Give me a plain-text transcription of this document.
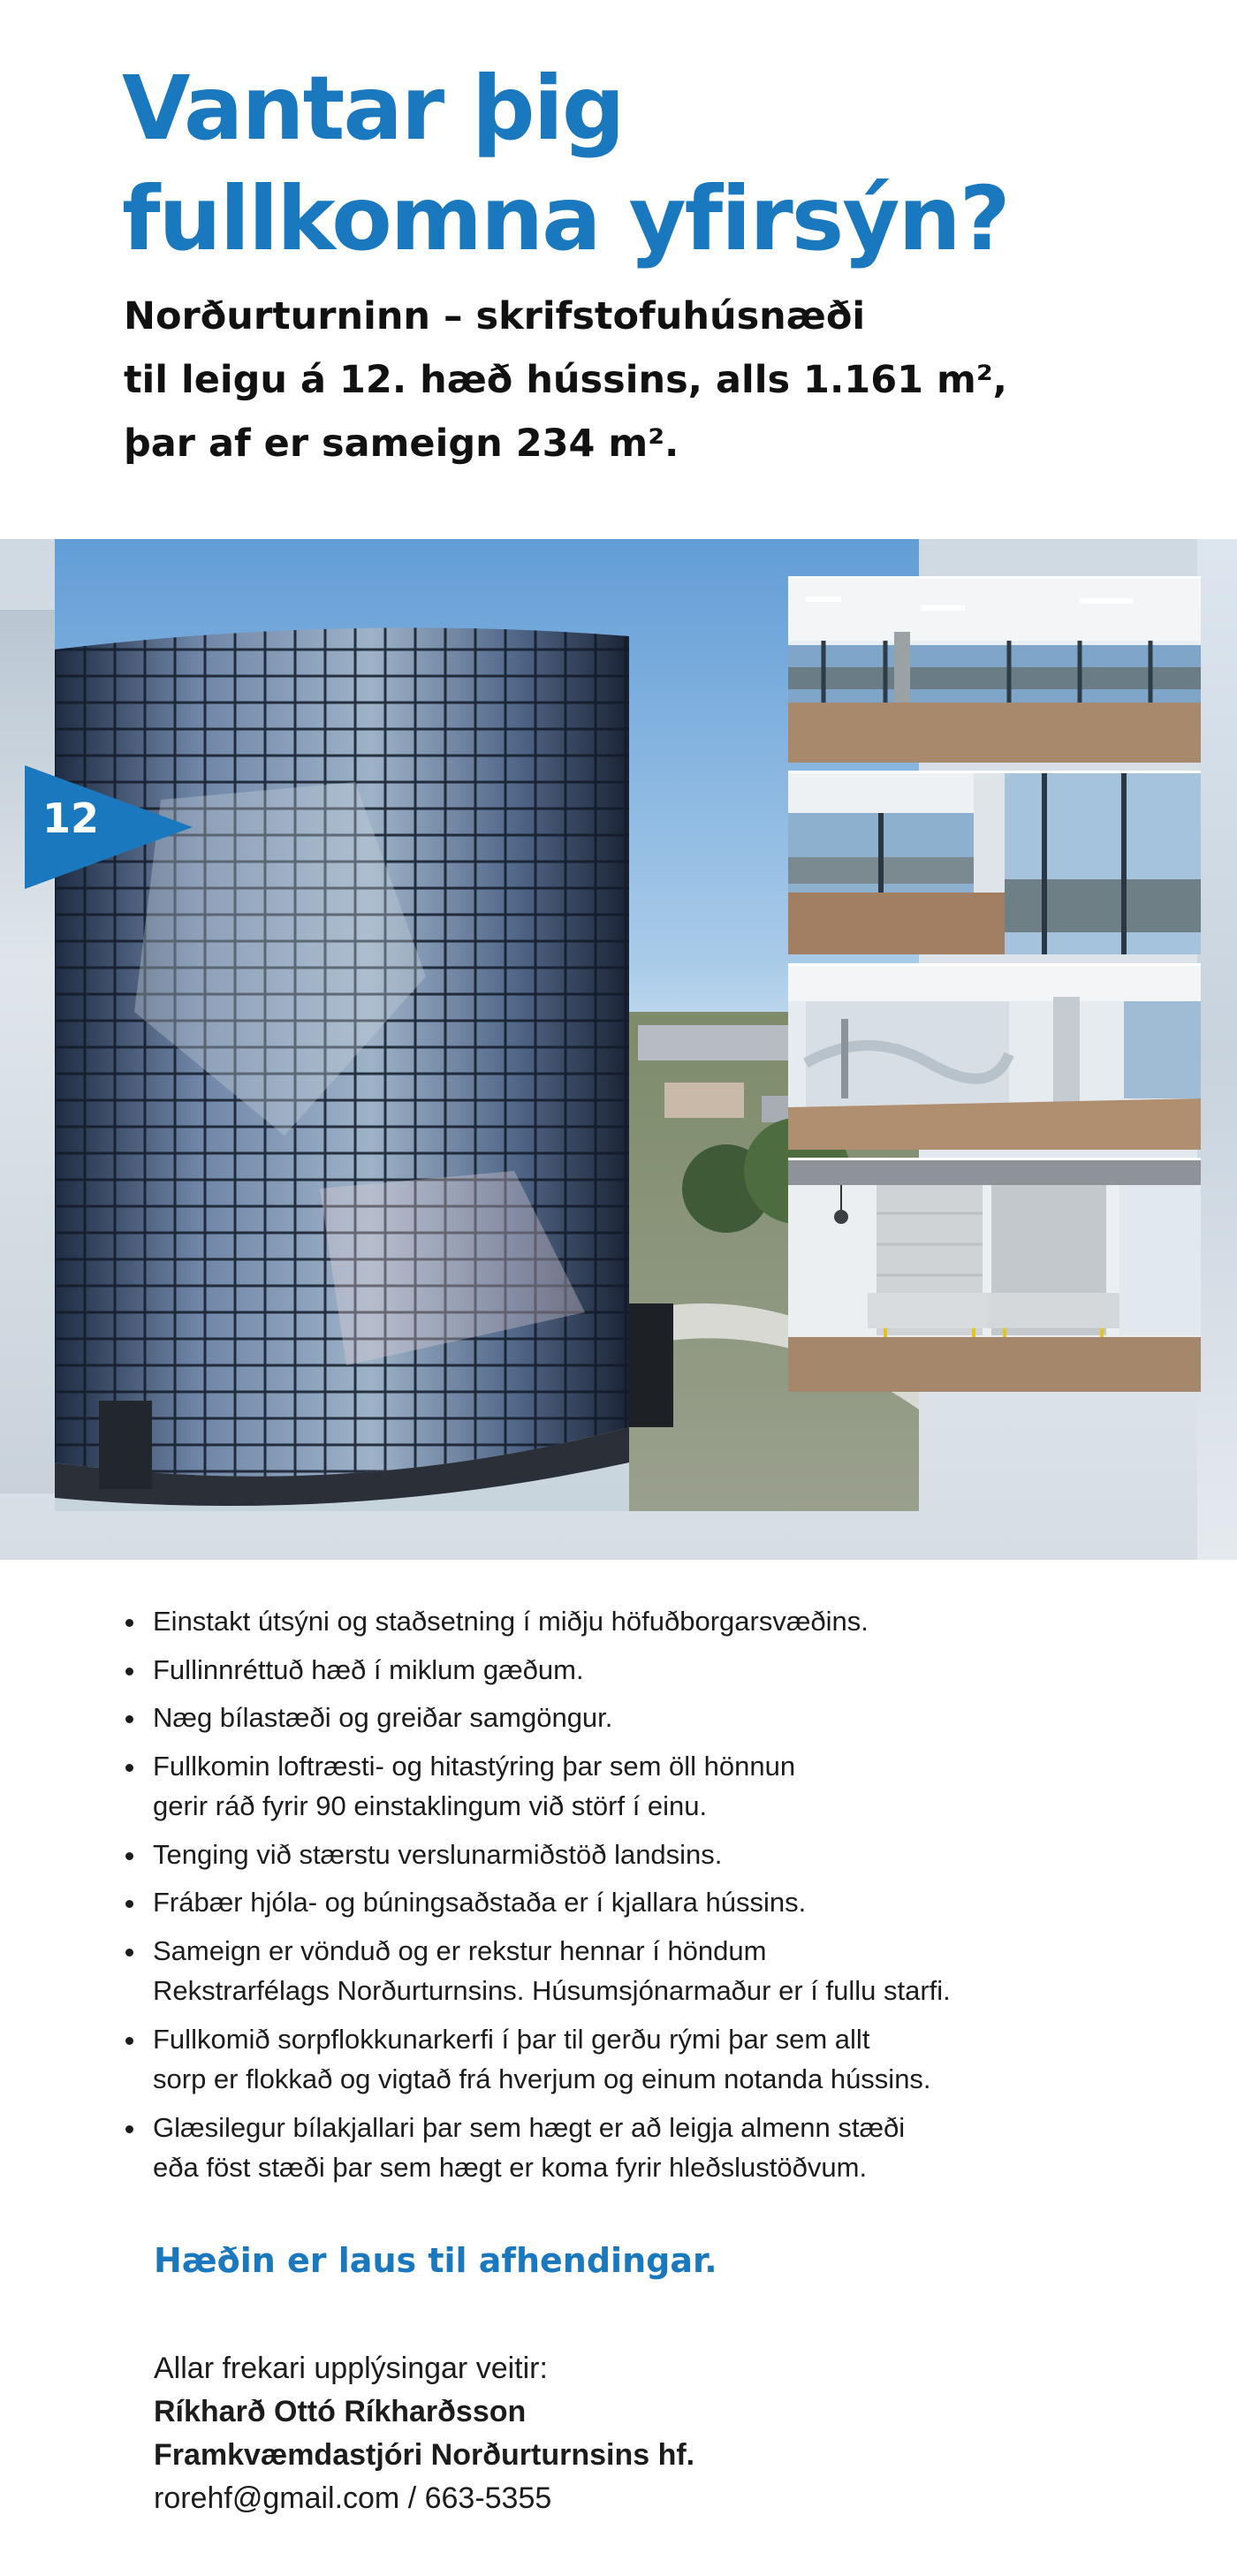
Vantar þig
fullkomna yfirsýn?

Norðurturninn – skrifstofuhúsnæði
til leigu á 12. hæð hússins, alls 1.161 m²,
þar af er sameign 234 m².

12
Einstakt útsýni og staðsetning í miðju höfuðborgarsvæðins.
Fullinnréttuð hæð í miklum gæðum.
Næg bílastæði og greiðar samgöngur.
Fullkomin loftræsti- og hitastýring þar sem öll hönnun
gerir ráð fyrir 90 einstaklingum við störf í einu.
Tenging við stærstu verslunarmiðstöð landsins.
Frábær hjóla- og búningsaðstaða er í kjallara hússins.
Sameign er vönduð og er rekstur hennar í höndum
Rekstrarfélags Norðurturnsins. Húsumsjónarmaður er í fullu starfi.
Fullkomið sorpflokkunarkerfi í þar til gerðu rými þar sem allt
sorp er flokkað og vigtað frá hverjum og einum notanda hússins.
Glæsilegur bílakjallari þar sem hægt er að leigja almenn stæði
eða föst stæði þar sem hægt er koma fyrir hleðslustöðvum.

Hæðin er laus til afhendingar.

Allar frekari upplýsingar veitir:
Ríkharð Ottó Ríkharðsson
Framkvæmdastjóri Norðurturnsins hf.
rorehf@gmail.com / 663-5355
